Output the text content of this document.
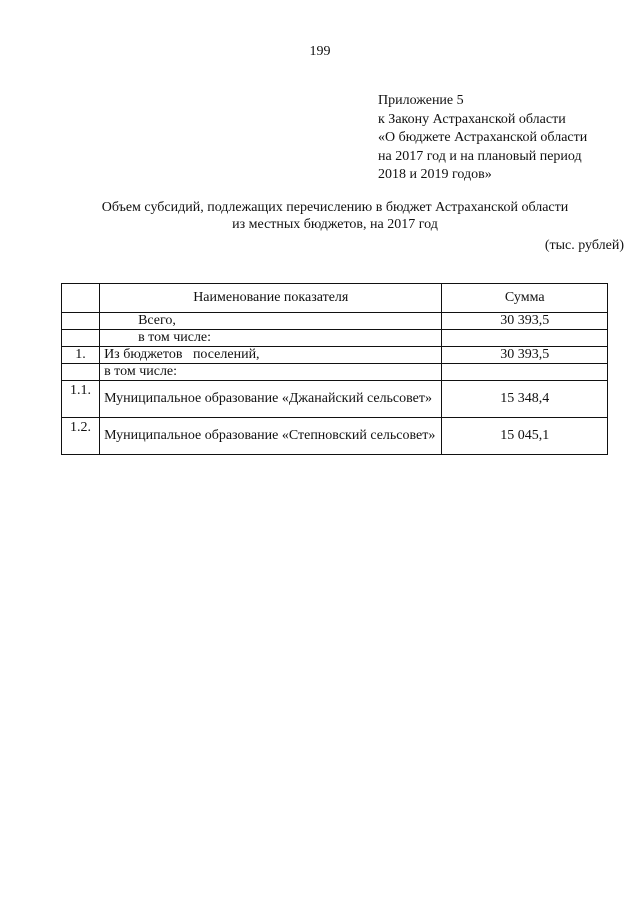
199
Приложение 5
к Закону Астраханской области
«О бюджете Астраханской области
на 2017 год и на плановый период
2018 и 2019 годов»
Объем субсидий, подлежащих перечислению в бюджет Астраханской области
из местных бюджетов, на 2017 год
(тыс. рублей)
	Наименование показателя	Сумма
	Всего,	30 393,5
	в том числе:	
1.	Из бюджетов   поселений,	30 393,5
	в том числе:	
1.1.	Муниципальное образование «Джанайский сельсовет»	15 348,4
1.2.	Муниципальное образование «Степновский сельсовет»	15 045,1
